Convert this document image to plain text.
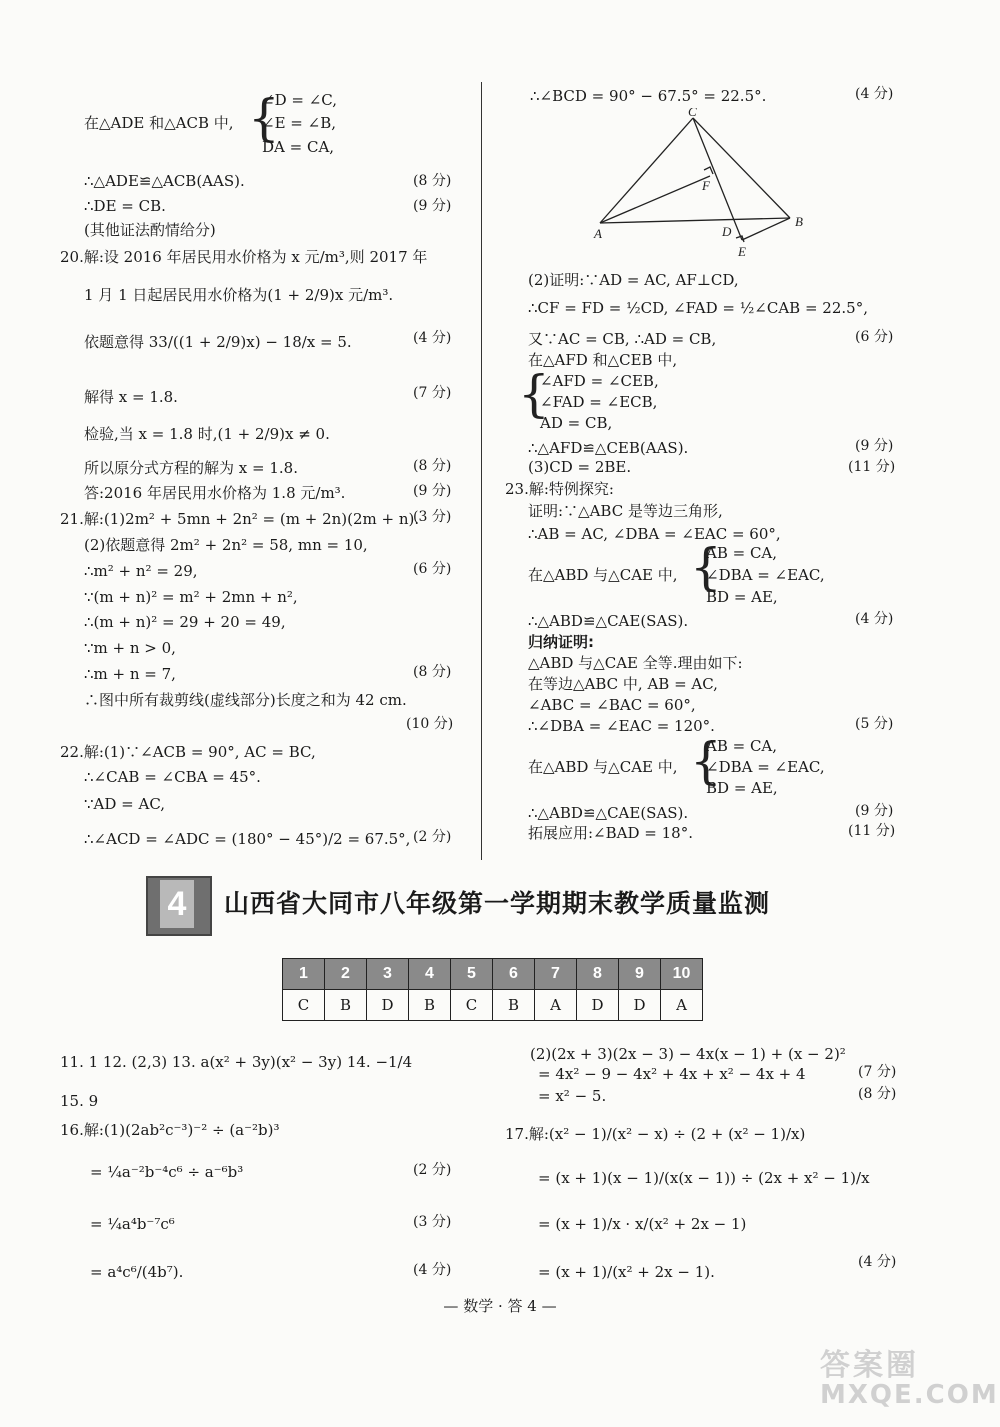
{
∠D = ∠C,
在△ADE 和△ACB 中, ∠E = ∠B,
DA = CA,
∴△ADE≌△ACB(AAS).	(8 分)
∴DE = CB.	(9 分)
(其他证法酌情给分)
20.解:设 2016 年居民用水价格为 x 元/m³,则 2017 年
1 月 1 日起居民用水价格为(1 + 2/9)x 元/m³.
依题意得 33/((1 + 2/9)x) − 18/x = 5.	(4 分)
解得 x = 1.8.	(7 分)
检验,当 x = 1.8 时,(1 + 2/9)x ≠ 0.
所以原分式方程的解为 x = 1.8.	(8 分)
答:2016 年居民用水价格为 1.8 元/m³.	(9 分)
21.解:(1)2m² + 5mn + 2n² = (m + 2n)(2m + n).
(3 分)
(2)依题意得 2m² + 2n² = 58, mn = 10,
∴m² + n² = 29,	(6 分)
∵(m + n)² = m² + 2mn + n²,
∴(m + n)² = 29 + 20 = 49,
∵m + n > 0,
∴m + n = 7,	(8 分)
∴图中所有裁剪线(虚线部分)长度之和为 42 cm.
(10 分)
22.解:(1)∵∠ACB = 90°, AC = BC,
∴∠CAB = ∠CBA = 45°.
∵AD = AC,
∴∠ACD = ∠ADC = (180° − 45°)/2 = 67.5°, (2 分)
∴∠BCD = 90° − 67.5° = 22.5°.	(4 分)
C
F
A	D
B
E
(2)证明:∵AD = AC, AF⊥CD,
∴CF = FD = ½CD, ∠FAD = ½∠CAB = 22.5°,
又∵AC = CB, ∴AD = CB,	(6 分)
在△AFD 和△CEB 中,
{
∠AFD = ∠CEB,
∠FAD = ∠ECB,
AD = CB,
∴△AFD≌△CEB(AAS).	(9 分)
(3)CD = 2BE.	(11 分)
23.解:特例探究:
证明:∵△ABC 是等边三角形,
∴AB = AC, ∠DBA = ∠EAC = 60°,
{
AB = CA,
在△ABD 与△CAE 中, ∠DBA = ∠EAC,
BD = AE,
∴△ABD≌△CAE(SAS).	(4 分)
归纳证明:
△ABD 与△CAE 全等.理由如下:
在等边△ABC 中, AB = AC,
∠ABC = ∠BAC = 60°,
∴∠DBA = ∠EAC = 120°.	(5 分)
{
AB = CA,
在△ABD 与△CAE 中, ∠DBA = ∠EAC,
BD = AE,
∴△ABD≌△CAE(SAS).	(9 分)
拓展应用:∠BAD = 18°.	(11 分)
4	山西省大同市八年级第一学期期末教学质量监测
1	2	3	4	5	6	7	8	9	10
C	B	D	B	C	B	A	D	D	A
11. 1 12. (2,3) 13. a(x² + 3y)(x² − 3y) 14. −1/4
15. 9
16.解:(1)(2ab²c⁻³)⁻² ÷ (a⁻²b)³
= ¼a⁻²b⁻⁴c⁶ ÷ a⁻⁶b³	(2 分)
= ¼a⁴b⁻⁷c⁶	(3 分)
= a⁴c⁶/(4b⁷).	(4 分)
(2)(2x + 3)(2x − 3) − 4x(x − 1) + (x − 2)²
= 4x² − 9 − 4x² + 4x + x² − 4x + 4	(7 分)
= x² − 5.	(8 分)
17.解:(x² − 1)/(x² − x) ÷ (2 + (x² − 1)/x)
= (x + 1)(x − 1)/(x(x − 1)) ÷ (2x + x² − 1)/x
= (x + 1)/x · x/(x² + 2x − 1)
= (x + 1)/(x² + 2x − 1).
(4 分)
— 数学 · 答 4 —
答案圈
MXQE.COM
